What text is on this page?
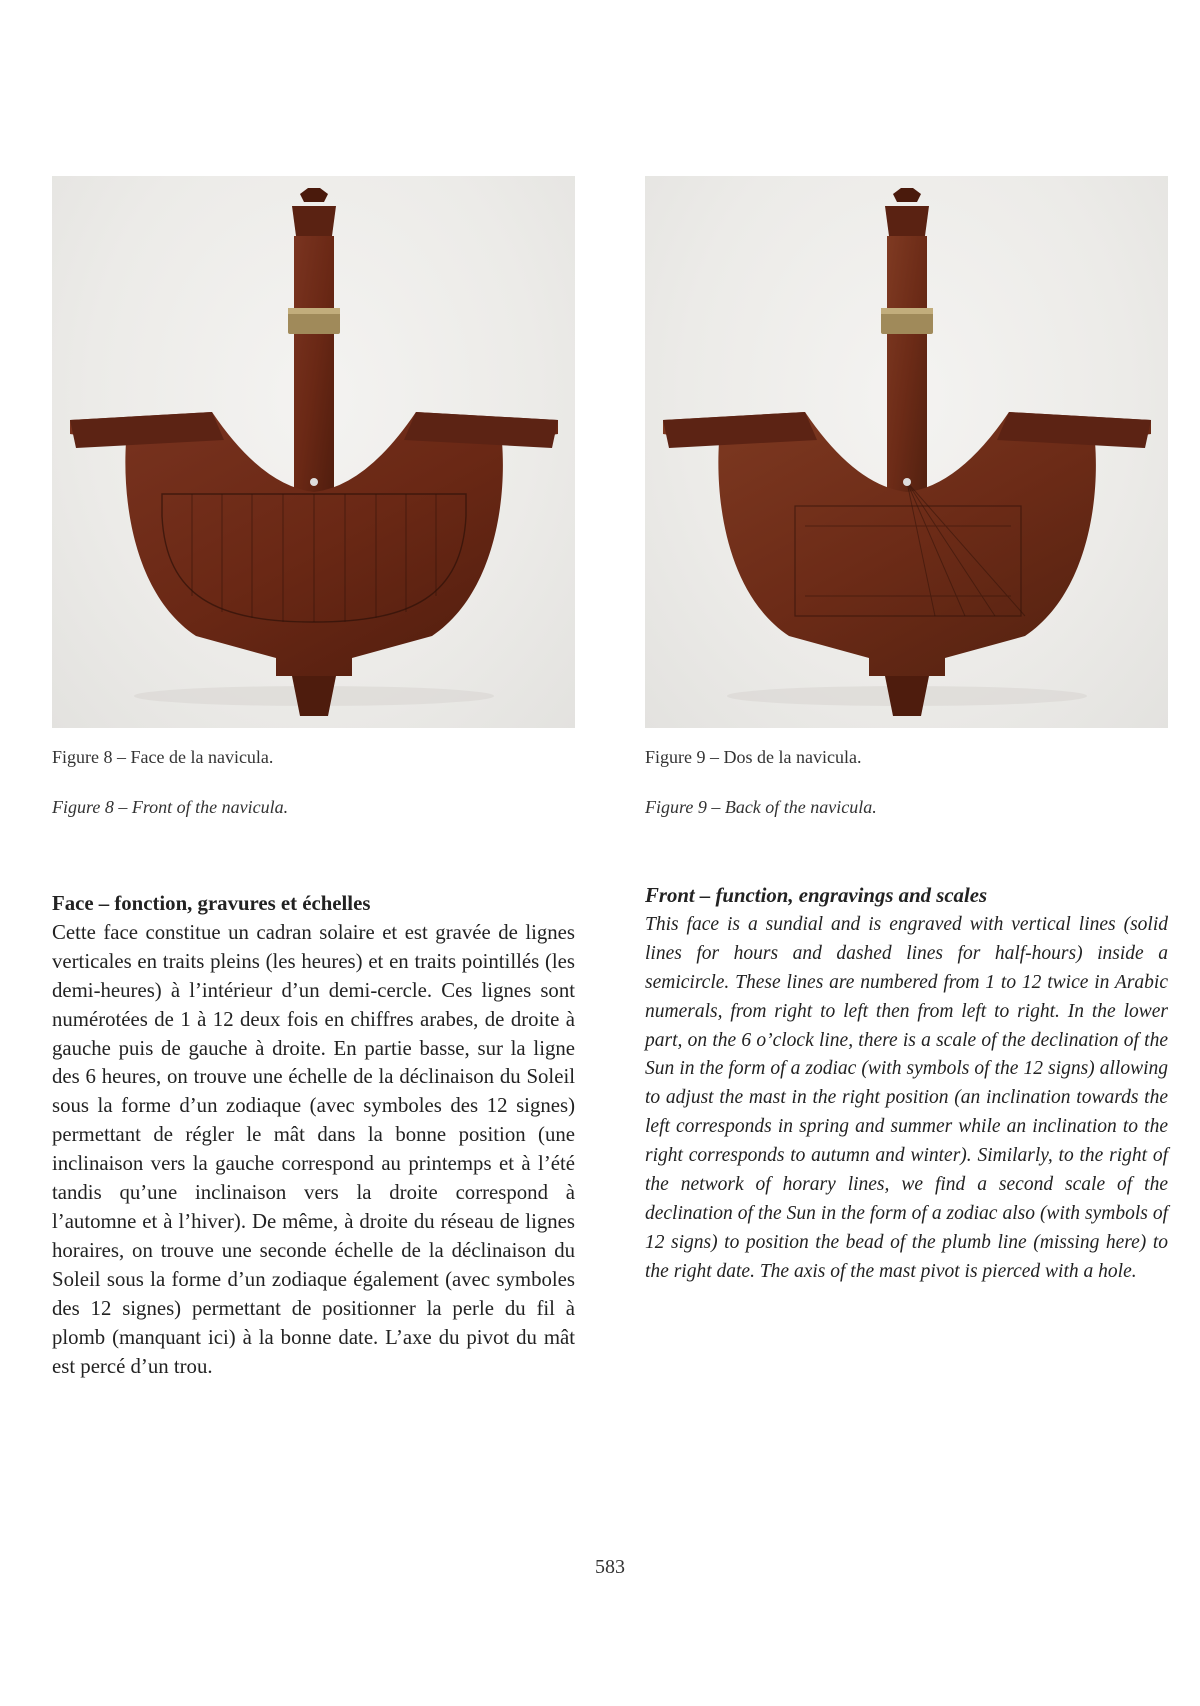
Figure 8 – Face de la navicula.
Figure 8 – Front of the navicula.
Figure 9 – Dos de la navicula.
Figure 9 – Back of the navicula.

Face – fonction, gravures et échelles

Cette face constitue un cadran solaire et est gravée de lignes verticales en traits pleins (les heures) et en traits pointillés (les demi-heures) à l’intérieur d’un demi-cercle. Ces lignes sont numérotées de 1 à 12 deux fois en chiffres arabes, de droite à gauche puis de gauche à droite. En partie basse, sur la ligne des 6 heures, on trouve une échelle de la déclinaison du Soleil sous la forme d’un zodiaque (avec symboles des 12 signes) permettant de régler le mât dans la bonne position (une inclinaison vers la gauche correspond au printemps et à l’été tandis qu’une inclinaison vers la droite correspond à l’automne et à l’hiver). De même, à droite du réseau de lignes horaires, on trouve une seconde échelle de la déclinaison du Soleil sous la forme d’un zodiaque également (avec symboles des 12 signes) permettant de positionner la perle du fil à plomb (manquant ici) à la bonne date. L’axe du pivot du mât est percé d’un trou.

Front – function, engravings and scales

This face is a sundial and is engraved with vertical lines (solid lines for hours and dashed lines for half-hours) inside a semicircle. These lines are numbered from 1 to 12 twice in Arabic numerals, from right to left then from left to right. In the lower part, on the 6 o’clock line, there is a scale of the declination of the Sun in the form of a zodiac (with symbols of the 12 signs) allowing to adjust the mast in the right position (an inclination towards the left corresponds in spring and summer while an inclination to the right corresponds to autumn and winter). Similarly, to the right of the network of horary lines, we find a second scale of the declination of the Sun in the form of a zodiac also (with symbols of 12 signs) to position the bead of the plumb line (missing here) to the right date. The axis of the mast pivot is pierced with a hole.

583
